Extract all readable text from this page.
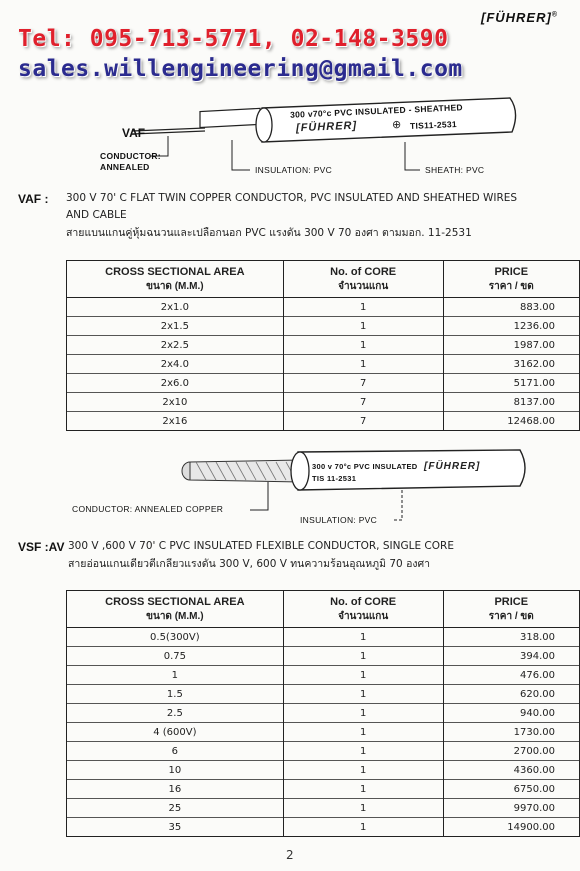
Tel: 095-713-5771, 02-148-3590
sales.willengineering@gmail.com
[FÜHRER]®
VAF
300 v70°c PVC INSULATED - SHEATHED
[FÜHRER]	⊕ TIS11-2531
CONDUCTOR:
ANNEALED	INSULATION: PVC	SHEATH: PVC
VAF : 300 V 70' C FLAT TWIN COPPER CONDUCTOR, PVC INSULATED AND SHEATHED WIRES
AND CABLE
สายแบนแกนคู่หุ้มฉนวนและเปลือกนอก PVC แรงดัน 300 V 70 องศา ตามมอก. 11-2531
CROSS SECTIONAL AREA	No. of CORE	PRICE
ขนาด (M.M.)	จำนวนแกน	ราคา / ขด
2x1.0	1	883.00
2x1.5	1	1236.00
2x2.5	1	1987.00
2x4.0	1	3162.00
2x6.0	7	5171.00
2x10	7	8137.00
2x16	7	12468.00
300 v 70°c PVC INSULATED
TIS 11-2531
[FÜHRER]
CONDUCTOR: ANNEALED COPPER
INSULATION: PVC
VSF :AV 300 V ,600 V 70' C PVC INSULATED FLEXIBLE CONDUCTOR, SINGLE CORE
สายอ่อนแกนเดียวตีเกลียวแรงดัน 300 V, 600 V ทนความร้อนอุณหภูมิ 70 องศา
CROSS SECTIONAL AREA	No. of CORE	PRICE
ขนาด (M.M.)	จำนวนแกน	ราคา / ขด
0.5(300V)	1	318.00
0.75	1	394.00
1	1	476.00
1.5	1	620.00
2.5	1	940.00
4 (600V)	1	1730.00
6	1	2700.00
10	1	4360.00
16	1	6750.00
25	1	9970.00
35	1	14900.00
2
